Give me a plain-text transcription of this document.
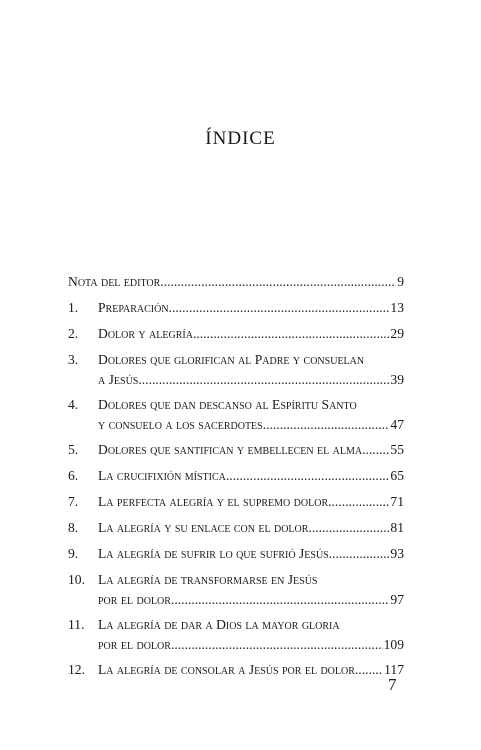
ÍNDICE
Nota del editor .....	9
1. Preparación .....	13
2. Dolor y alegría .....	29
3. Dolores que glorifican al Padre y consuelan
a Jesús .....	39
4. Dolores que dan descanso al Espíritu Santo
y consuelo a los sacerdotes .....	47
5. Dolores que santifican y embellecen el alma ..... 55
6. La crucifixión mística .....	65
7. La perfecta alegría y el supremo dolor .....	71
8. La alegría y su enlace con el dolor .....	81
9. La alegría de sufrir lo que sufrió Jesús .....	93
10. La alegría de transformarse en Jesús
por el dolor .....	97
11. La alegría de dar a Dios la mayor gloria
por el dolor .....	109
12. La alegría de consolar a Jesús por el dolor ..... 117
7
